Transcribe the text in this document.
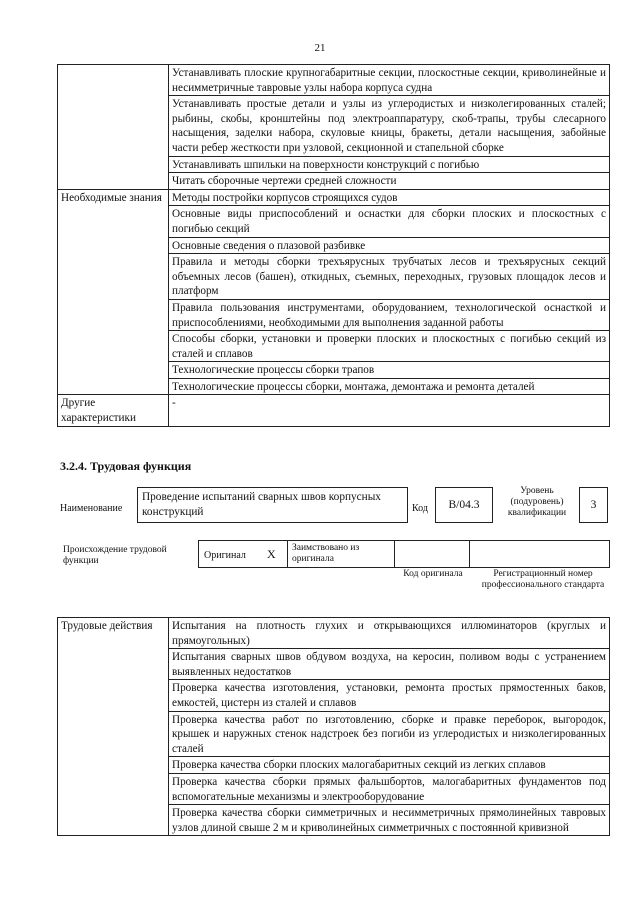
21
	Устанавливать плоские крупногабаритные секции, плоскостные секции, криволинейные и несимметричные тавровые узлы набора корпуса судна
	Устанавливать простые детали и узлы из углеродистых и низколегированных сталей; рыбины, скобы, кронштейны под электроаппаратуру, скоб-трапы, трубы слесарного насыщения, заделки набора, скуловые кницы, бракеты, детали насыщения, забойные части ребер жесткости при узловой, секционной и стапельной сборке
	Устанавливать шпильки на поверхности конструкций с погибью
	Читать сборочные чертежи средней сложности
Необходимые знания	Методы постройки корпусов строящихся судов
	Основные виды приспособлений и оснастки для сборки плоских и плоскостных с погибью секций
	Основные сведения о плазовой разбивке
	Правила и методы сборки трехъярусных трубчатых лесов и трехъярусных секций объемных лесов (башен), откидных, съемных, переходных, грузовых площадок лесов и платформ
	Правила пользования инструментами, оборудованием, технологической оснасткой и приспособлениями, необходимыми для выполнения заданной работы
	Способы сборки, установки и проверки плоских и плоскостных с погибью секций из сталей и сплавов
	Технологические процессы сборки трапов
	Технологические процессы сборки, монтажа, демонтажа и ремонта деталей
Другие характеристики	-
3.2.4. Трудовая функция
Наименование
Проведение испытаний сварных швов корпусных конструкций	Код	B/04.3
Уровень (подуровень) квалификации
3
Происхождение трудовой функции	Оригинал X	Заимствовано из оригинала
Код оригинала	Регистрационный номер профессионального стандарта
Трудовые действия	Испытания на плотность глухих и открывающихся иллюминаторов (круглых и прямоугольных)
Испытания сварных швов обдувом воздуха, на керосин, поливом воды с устранением выявленных недостатков
Проверка качества изготовления, установки, ремонта простых прямостенных баков, емкостей, цистерн из сталей и сплавов
Проверка качества работ по изготовлению, сборке и правке переборок, выгородок, крышек и наружных стенок надстроек без погиби из углеродистых и низколегированных сталей
Проверка качества сборки плоских малогабаритных секций из легких сплавов
Проверка качества сборки прямых фальшбортов, малогабаритных фундаментов под вспомогательные механизмы и электрооборудование
Проверка качества сборки симметричных и несимметричных прямолинейных тавровых узлов длиной свыше 2 м и криволинейных симметричных с постоянной кривизной
